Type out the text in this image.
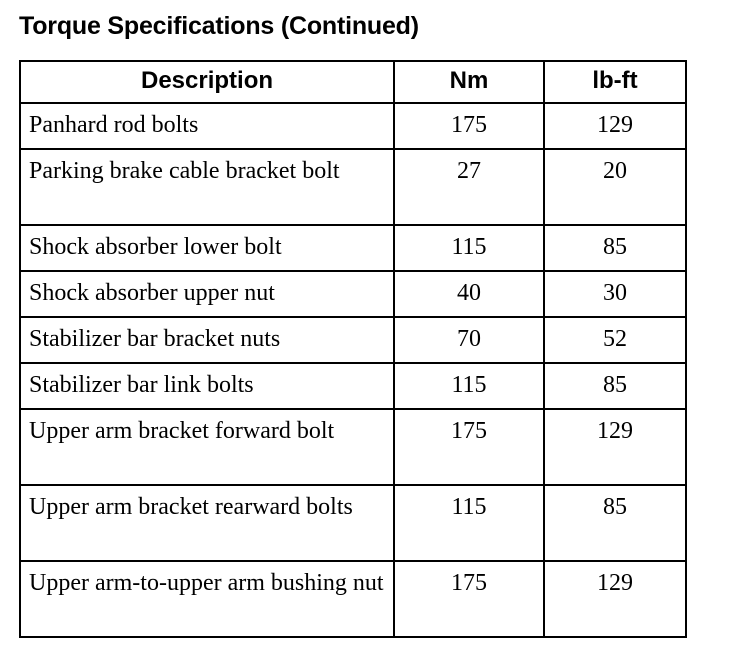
Torque Specifications (Continued)
Description	Nm	lb-ft
Panhard rod bolts	175	129
Parking brake cable bracket bolt	27	20
Shock absorber lower bolt	115	85
Shock absorber upper nut	40	30
Stabilizer bar bracket nuts	70	52
Stabilizer bar link bolts	115	85
Upper arm bracket forward bolt	175	129
Upper arm bracket rearward bolts	115	85
Upper arm-to-upper arm bushing nut	175	129
